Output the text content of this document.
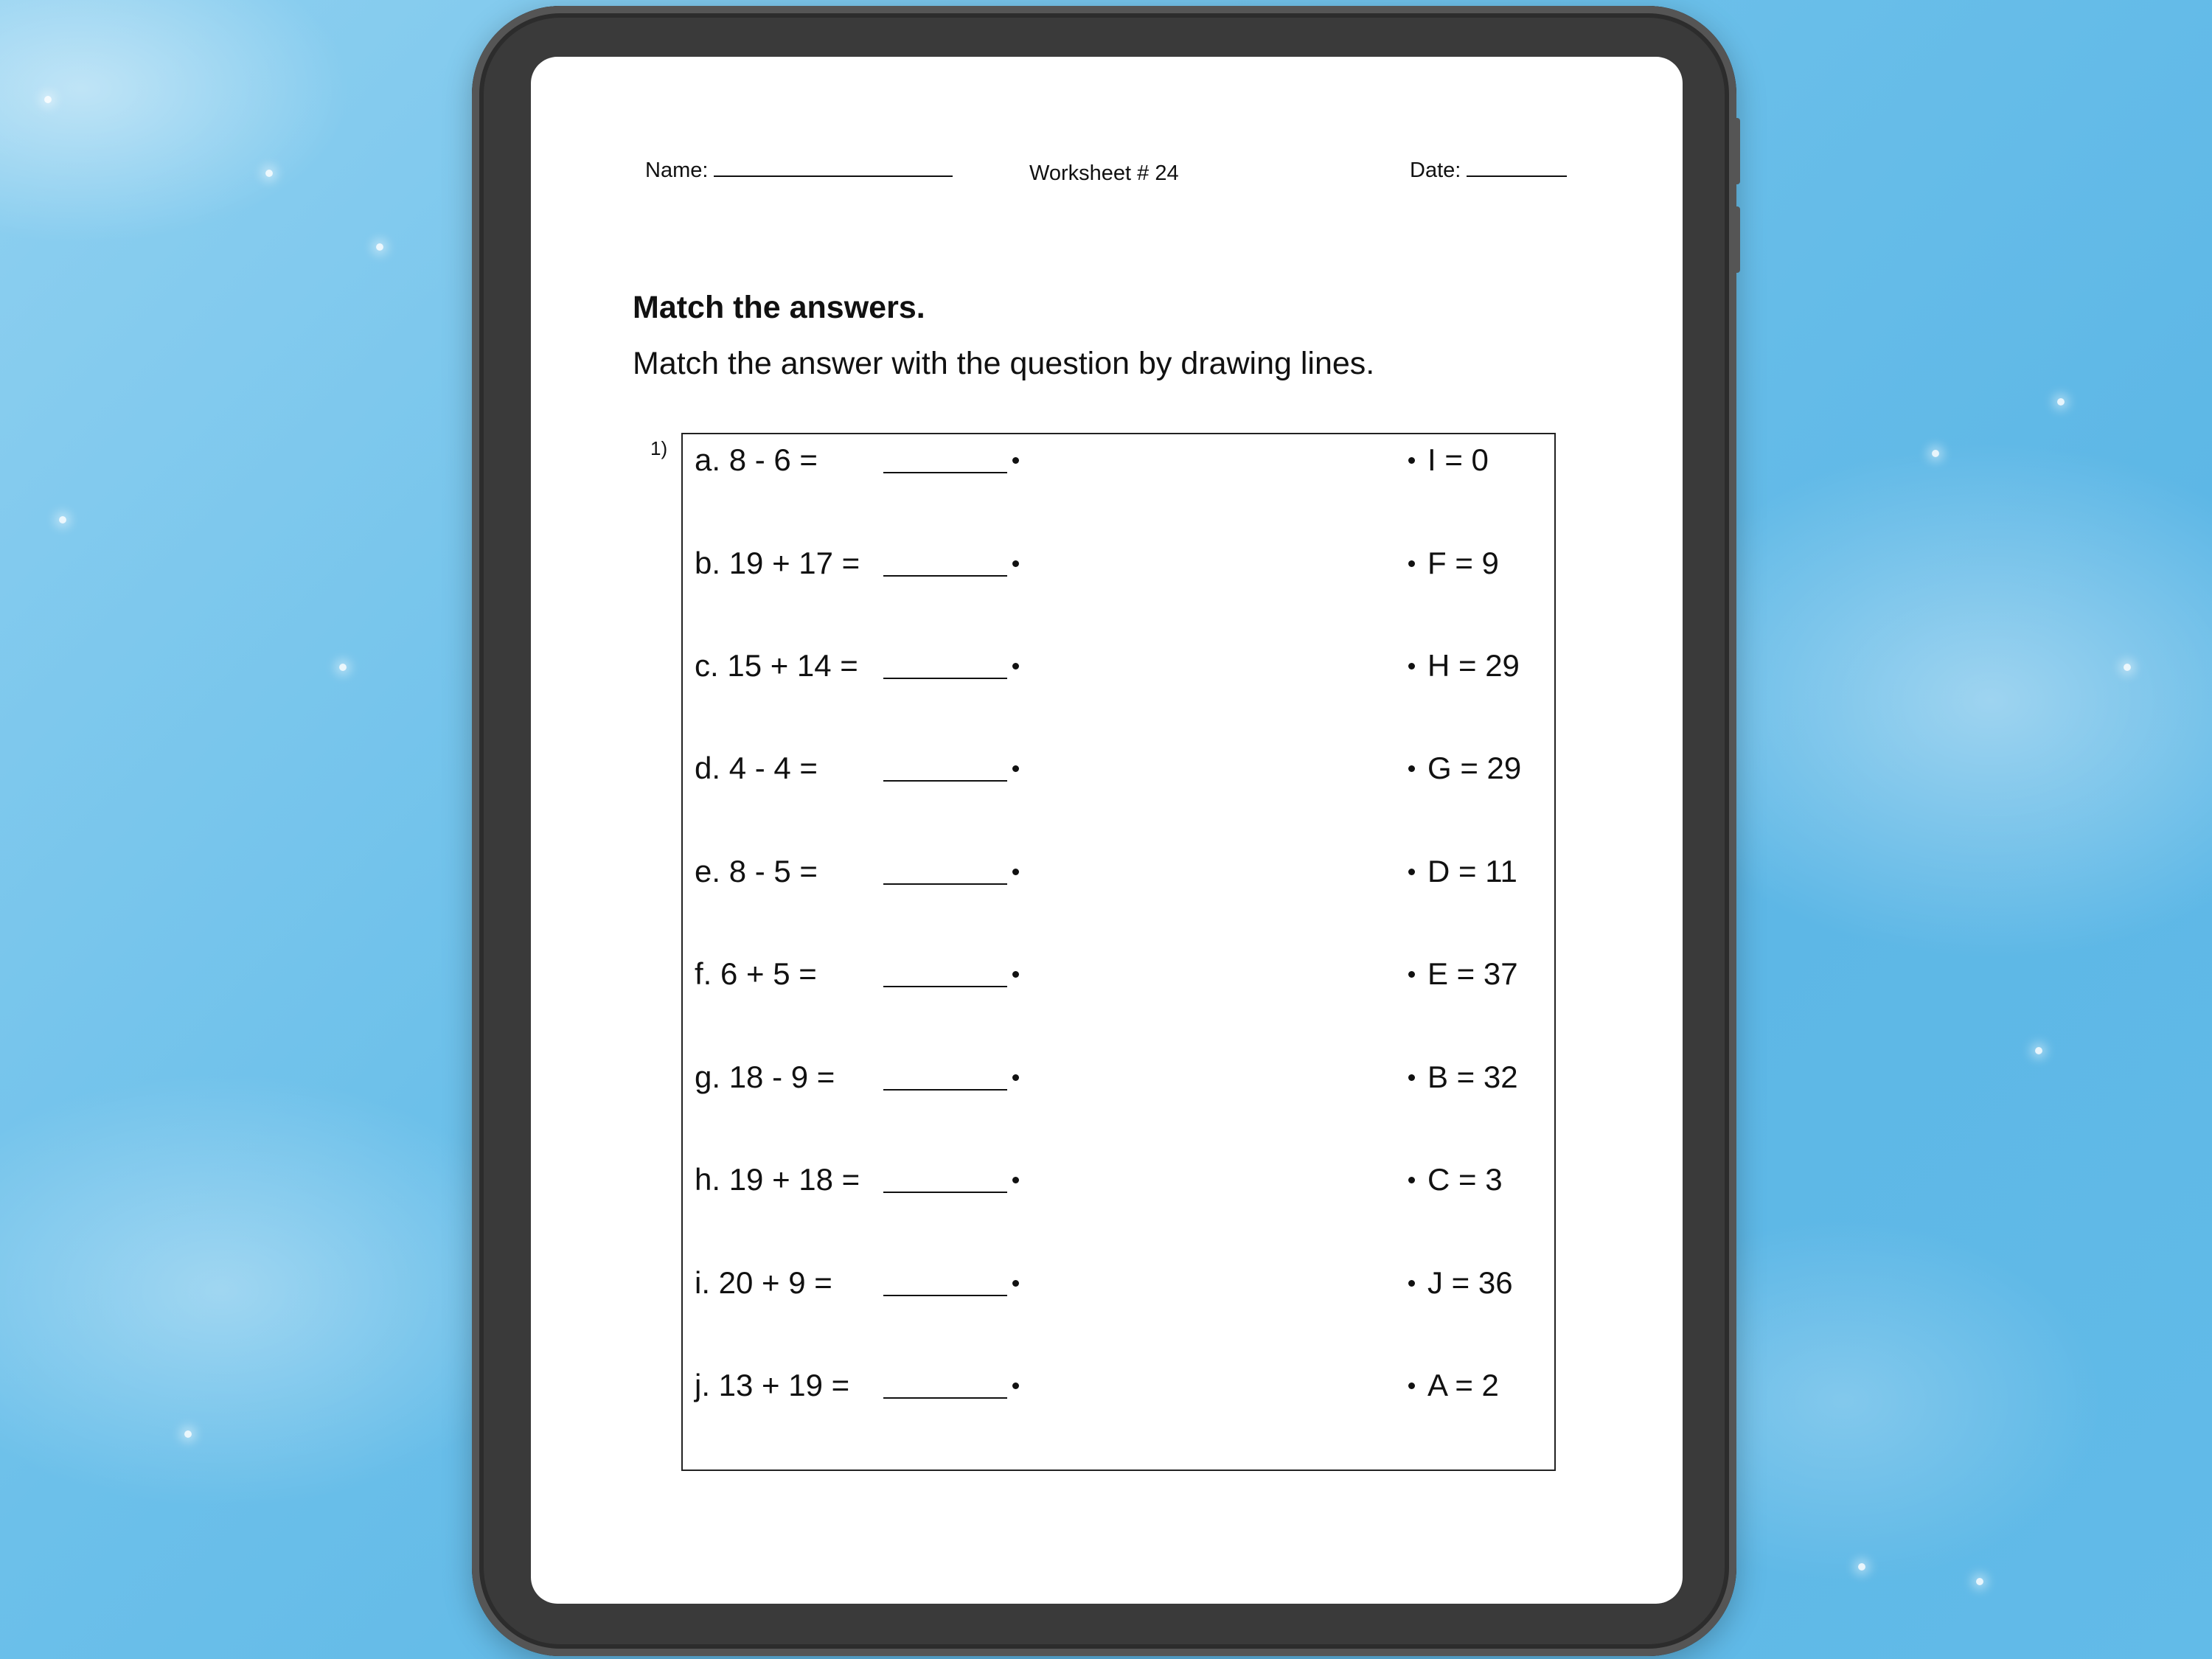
Name:	Worksheet # 24	Date:
Match the answers.
Match the answer with the question by drawing lines.
1) a. 8 - 6 =	I = 0
b. 19 + 17 =	F = 9
c. 15 + 14 =	H = 29
d. 4 - 4 =	G = 29
e. 8 - 5 =	D = 11
f. 6 + 5 =	E = 37
g. 18 - 9 =	B = 32
h. 19 + 18 =	C = 3
i. 20 + 9 =	J = 36
j. 13 + 19 =	A = 2
